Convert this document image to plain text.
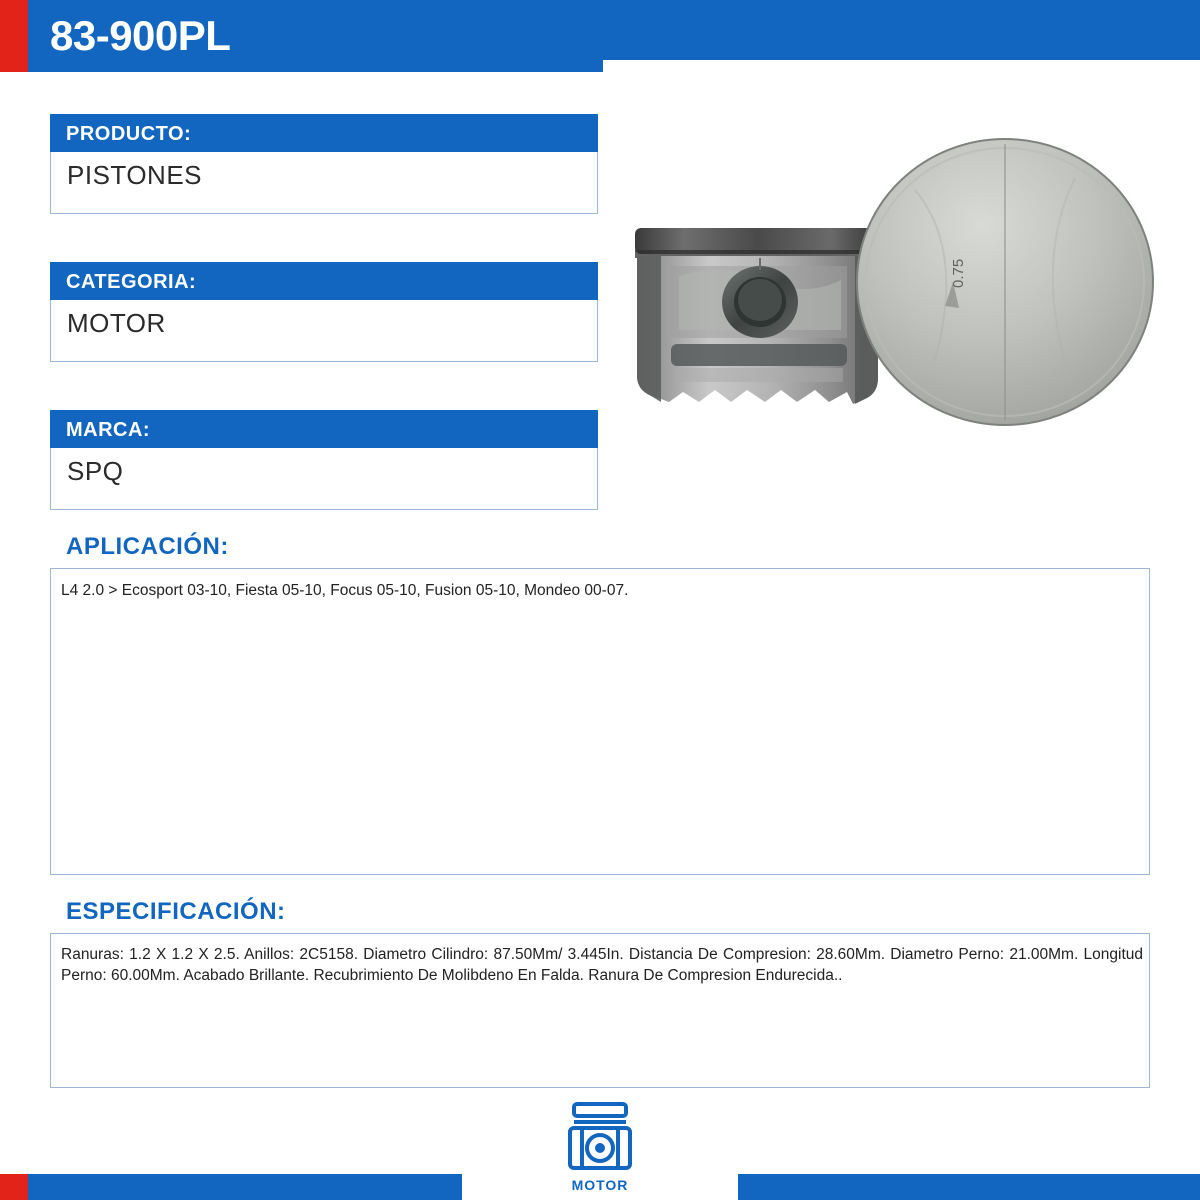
83-900PL
PRODUCTO:
PISTONES
CATEGORIA:
MOTOR
MARCA:
SPQ
0.75
APLICACIÓN:
L4 2.0 > Ecosport 03-10, Fiesta 05-10, Focus 05-10, Fusion 05-10, Mondeo 00-07.
ESPECIFICACIÓN:
Ranuras: 1.2 X 1.2 X 2.5. Anillos: 2C5158. Diametro Cilindro: 87.50Mm/ 3.445In. Distancia De Compresion: 28.60Mm. Diametro Perno: 21.00Mm. Longitud Perno: 60.00Mm. Acabado Brillante. Recubrimiento De Molibdeno En Falda. Ranura De Compresion Endurecida..
MOTOR
